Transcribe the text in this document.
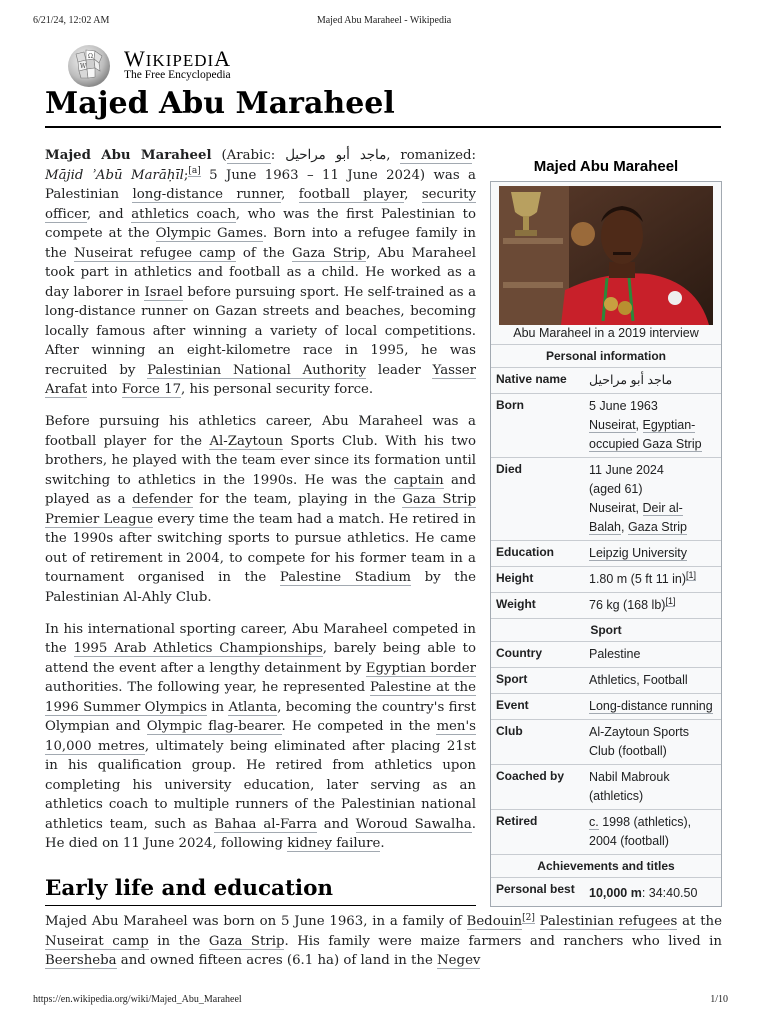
6/21/24, 12:02 AM	Majed Abu Maraheel - Wikipedia
Ω
W WIKIPEDIA
The Free Encyclopedia
Majed Abu Maraheel

Majed Abu Maraheel (Arabic: ماجد أبو مراحيل, romanized: Mājid ʾAbū Marāḥīl;[a] 5 June 1963 – 11 June 2024) was a Palestinian long-distance runner, football player, security officer, and athletics coach, who was the first Palestinian to compete at the Olympic Games. Born into a refugee family in the Nuseirat refugee camp of the Gaza Strip, Abu Maraheel took part in athletics and football as a child. He worked as a day laborer in Israel before pursuing sport. He self-trained as a long-distance runner on Gazan streets and beaches, becoming locally famous after winning a variety of local competitions. After winning an eight-kilometre race in 1995, he was recruited by Palestinian National Authority leader Yasser Arafat into Force 17, his personal security force.

Before pursuing his athletics career, Abu Maraheel was a football player for the Al-Zaytoun Sports Club. With his two brothers, he played with the team ever since its formation until switching to athletics in the 1990s. He was the captain and played as a defender for the team, playing in the Gaza Strip Premier League every time the team had a match. He retired in the 1990s after switching sports to pursue athletics. He came out of retirement in 2004, to compete for his former team in a tournament organised in the Palestine Stadium by the Palestinian Al-Ahly Club.

In his international sporting career, Abu Maraheel competed in the 1995 Arab Athletics Championships, barely being able to attend the event after a lengthy detainment by Egyptian border authorities. The following year, he represented Palestine at the 1996 Summer Olympics in Atlanta, becoming the country's first Olympian and Olympic flag-bearer. He competed in the men's 10,000 metres, ultimately being eliminated after placing 21st in his qualification group. He retired from athletics upon completing his university education, later serving as an athletics coach to multiple runners of the Palestinian national athletics team, such as Bahaa al-Farra and Woroud Sawalha. He died on 11 June 2024, following kidney failure.

Early life and education
Majed Abu Maraheel was born on 5 June 1963, in a family of Bedouin[2] Palestinian refugees at the Nuseirat camp in the Gaza Strip. His family were maize farmers and ranchers who lived in Beersheba and owned fifteen acres (6.1 ha) of land in the Negev
Majed Abu Maraheel
Abu Maraheel in a 2019 interview
Personal information
Native name	ماجد أبو مراحيل
Born	5 June 1963
Nuseirat, Egyptian-occupied Gaza Strip
Died	11 June 2024
(aged 61)
Nuseirat, Deir al-Balah, Gaza Strip
Education	Leipzig University
Height	1.80 m (5 ft 11 in)[1]
Weight	76 kg (168 lb)[1]
Sport
Country	Palestine
Sport	Athletics, Football
Event	Long-distance running
Club	Al-Zaytoun Sports Club (football)
Coached by	Nabil Mabrouk (athletics)
Retired	c. 1998 (athletics), 2004 (football)
Achievements and titles
Personal best	10,000 m: 34:40.50
https://en.wikipedia.org/wiki/Majed_Abu_Maraheel	1/10
